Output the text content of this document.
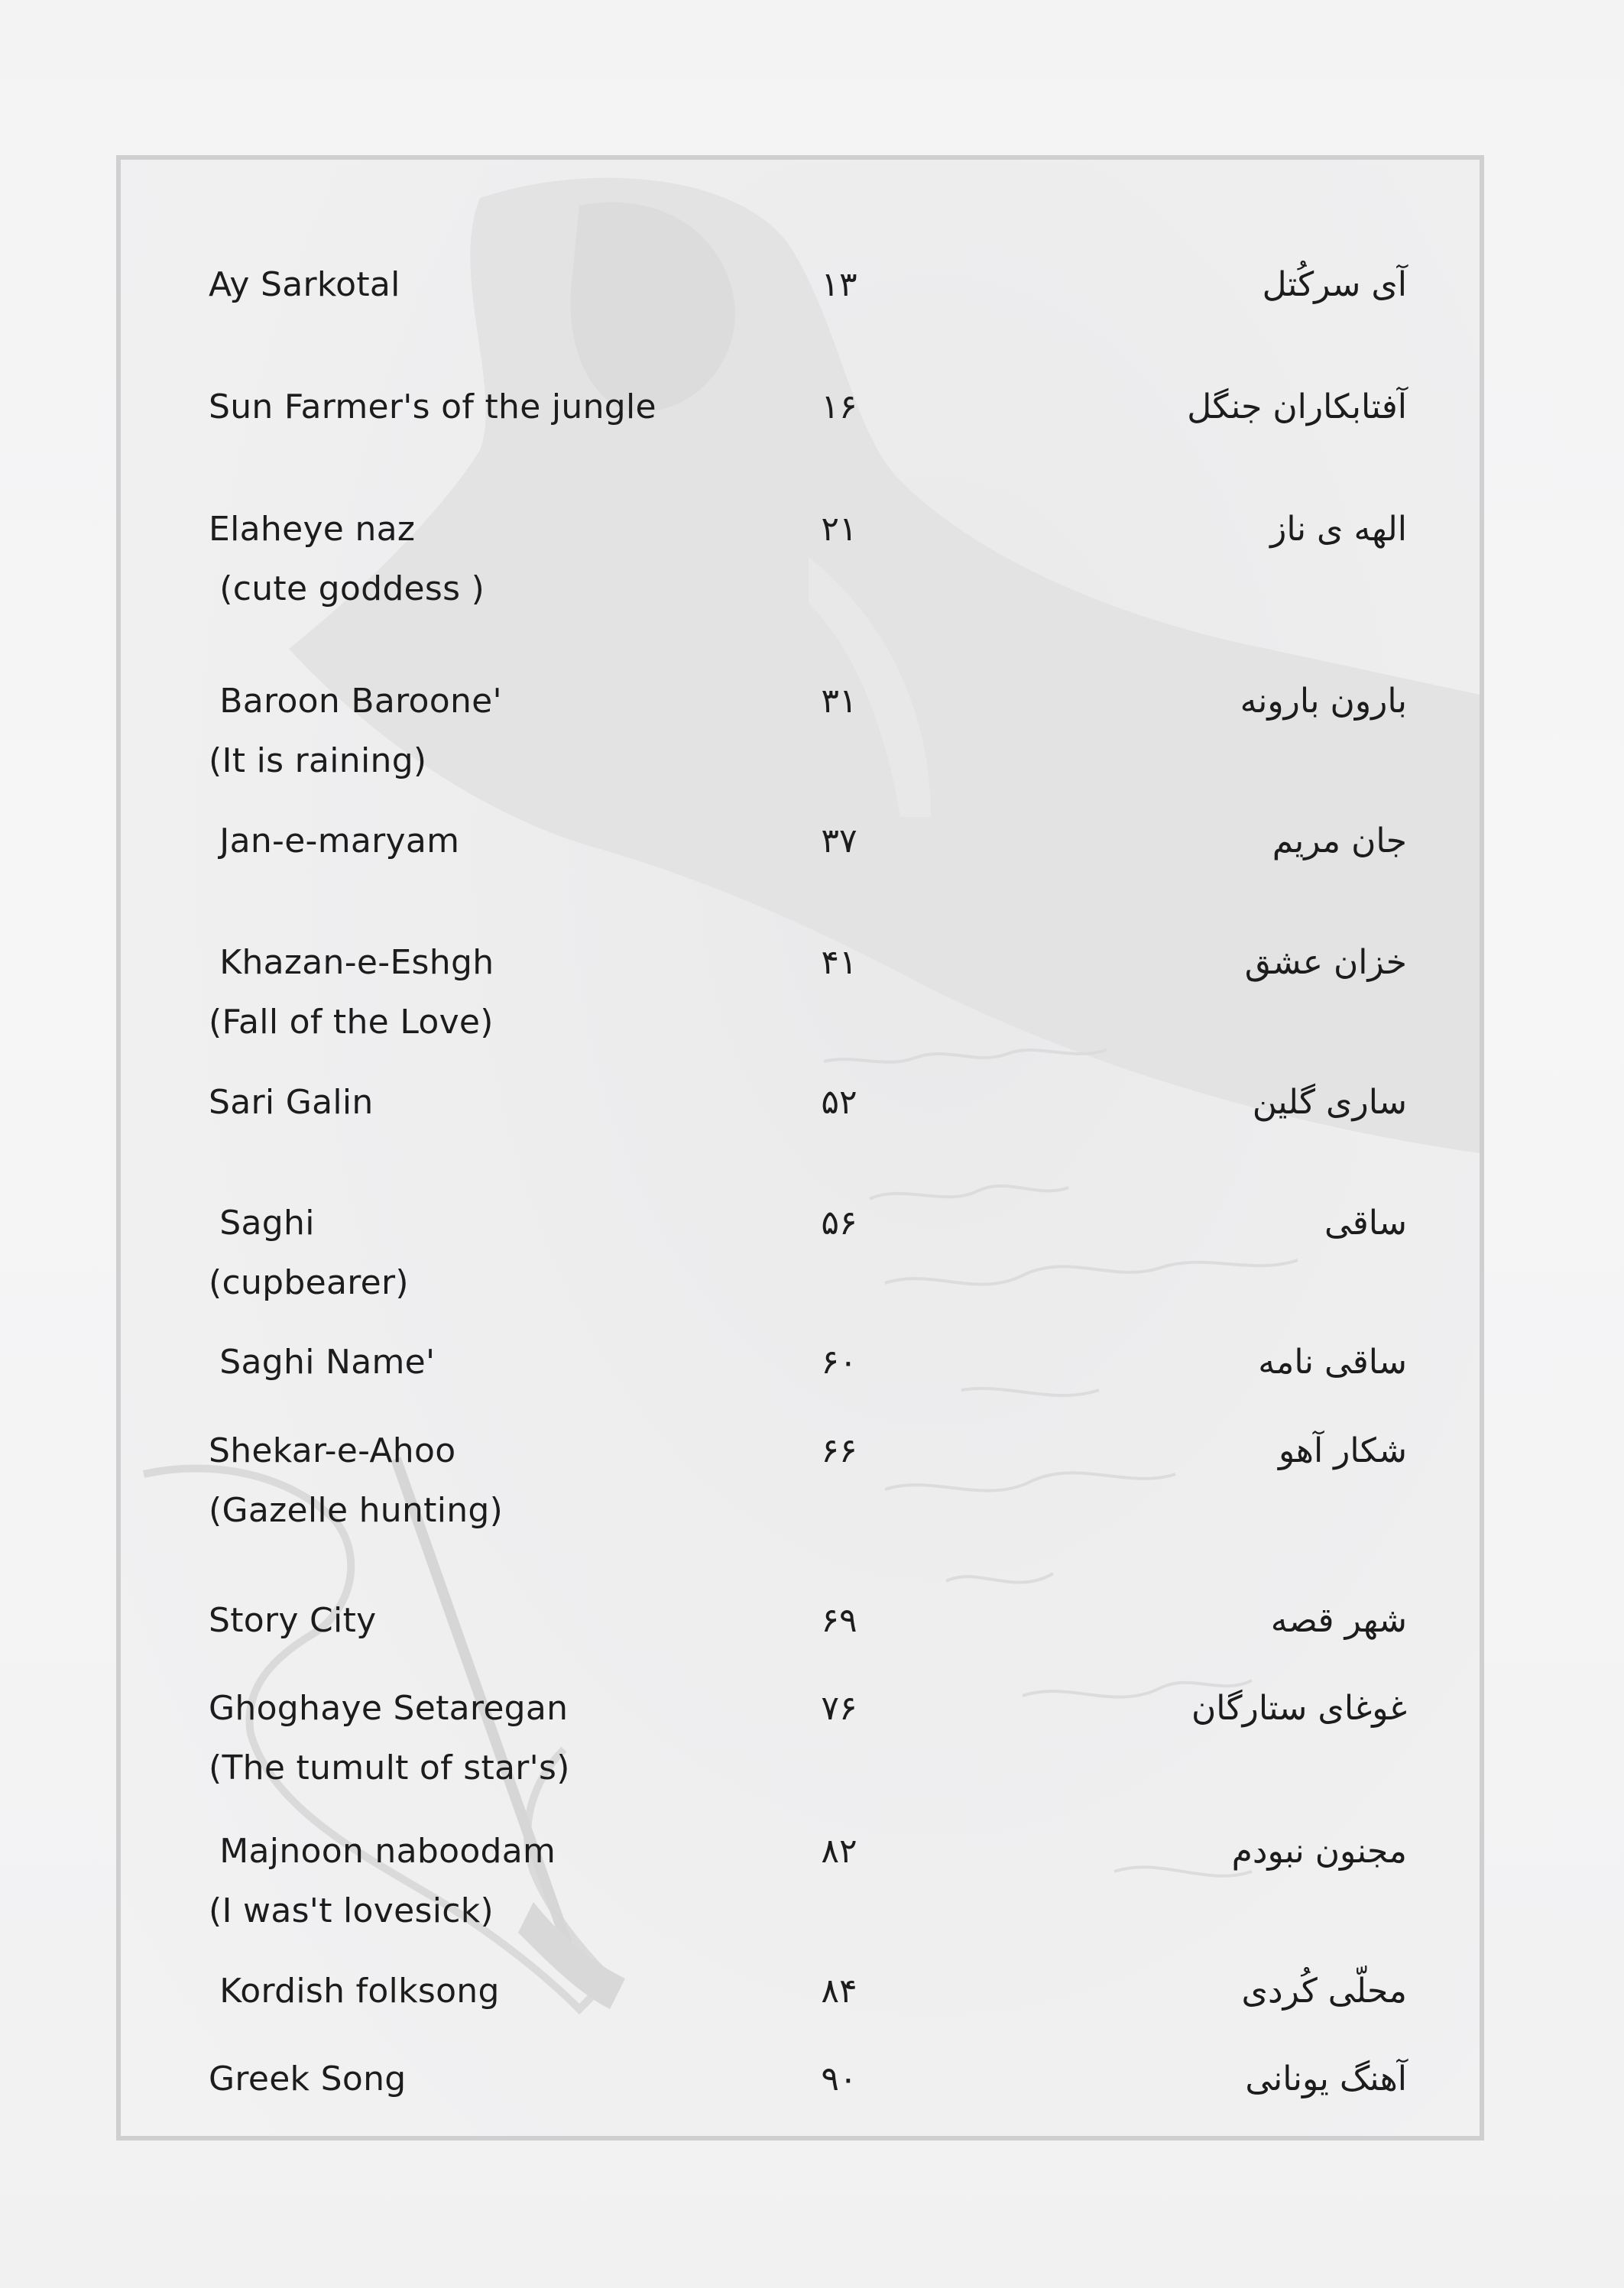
Ay Sarkotal	۱۳	آی سرکُتل
Sun Farmer's of the jungle	۱۶	آفتابکاران جنگل
Elaheye naz
(cute goddess )
۲۱	الهه ی ناز
Baroon Baroone'
(It is raining)
۳۱	بارون بارونه
Jan-e-maryam	۳۷	جان مریم
Khazan-e-Eshgh
(Fall of the Love)
۴۱	خزان عشق
Sari Galin	۵۲	ساری گلین
Saghi
(cupbearer)
۵۶	ساقی
Saghi Name'	۶۰	ساقی نامه
Shekar-e-Ahoo
(Gazelle hunting)
۶۶	شکار آهو
Story City	۶۹	شهر قصه
Ghoghaye Setaregan
(The tumult of star's)
۷۶	غوغای ستارگان
Majnoon naboodam
(I was't lovesick)
۸۲	مجنون نبودم
Kordish folksong	۸۴	محلّی کُردی
Greek Song	۹۰	آهنگ یونانی
